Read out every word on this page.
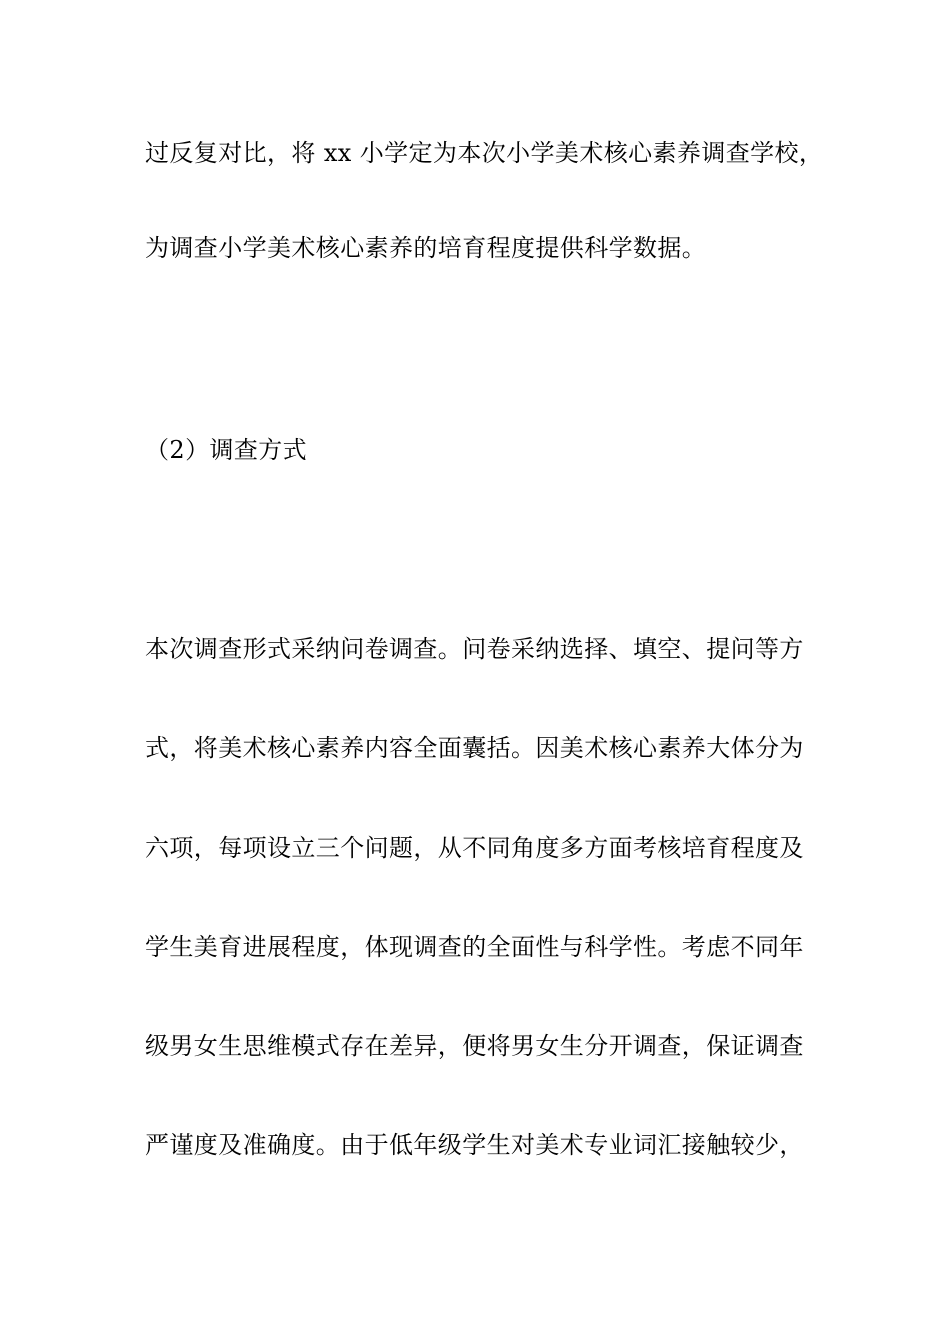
过反复对比，将 xx 小学定为本次小学美术核心素养调查学校，
为调查小学美术核心素养的培育程度提供科学数据。
（2）调查方式
本次调查形式采纳问卷调查。问卷采纳选择、填空、提问等方
式，将美术核心素养内容全面囊括。因美术核心素养大体分为
六项，每项设立三个问题，从不同角度多方面考核培育程度及
学生美育进展程度，体现调查的全面性与科学性。考虑不同年
级男女生思维模式存在差异，便将男女生分开调查，保证调查
严谨度及准确度。由于低年级学生对美术专业词汇接触较少，
